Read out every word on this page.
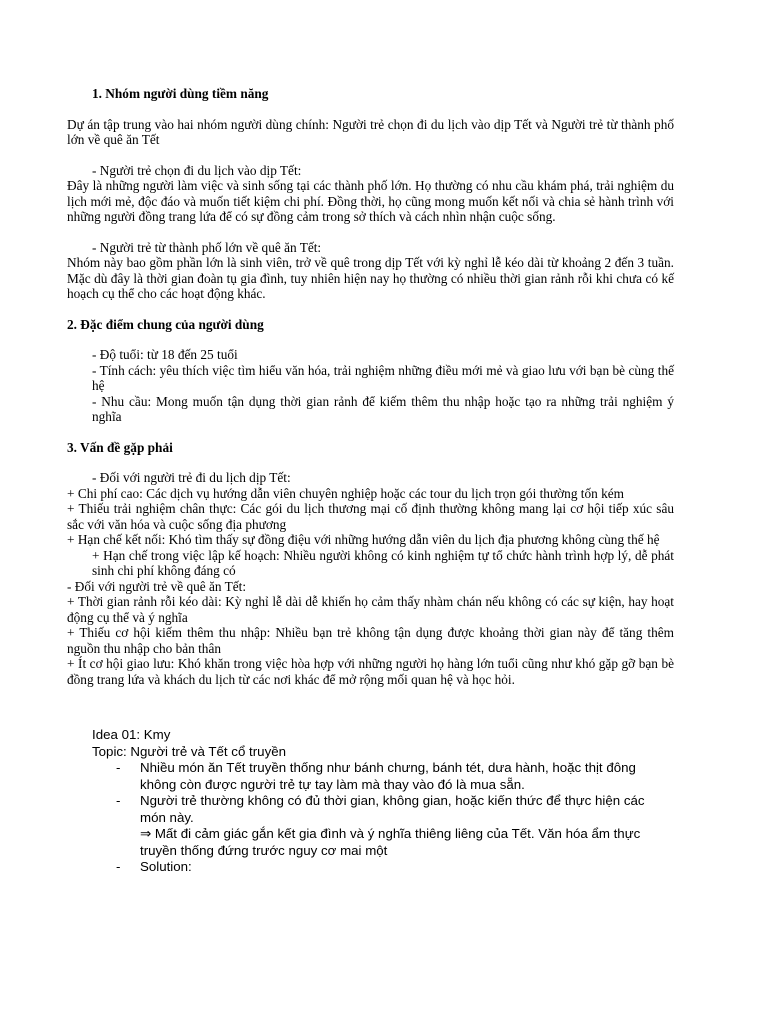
1. Nhóm người dùng tiềm năng

Dự án tập trung vào hai nhóm người dùng chính: Người trẻ chọn đi du lịch vào dịp Tết và Người trẻ từ thành phố lớn về quê ăn Tết

- Người trẻ chọn đi du lịch vào dịp Tết:

Đây là những người làm việc và sinh sống tại các thành phố lớn. Họ thường có nhu cầu khám phá, trải nghiệm du lịch mới mẻ, độc đáo và muốn tiết kiệm chi phí. Đồng thời, họ cũng mong muốn kết nối và chia sẻ hành trình với những người đồng trang lứa để có sự đồng cảm trong sở thích và cách nhìn nhận cuộc sống.

- Người trẻ từ thành phố lớn về quê ăn Tết:

Nhóm này bao gồm phần lớn là sinh viên, trở về quê trong dịp Tết với kỳ nghỉ lễ kéo dài từ khoảng 2 đến 3 tuần. Mặc dù đây là thời gian đoàn tụ gia đình, tuy nhiên hiện nay họ thường có nhiều thời gian rảnh rỗi khi chưa có kế hoạch cụ thể cho các hoạt động khác.

2. Đặc điểm chung của người dùng

- Độ tuổi: từ 18 đến 25 tuổi

- Tính cách: yêu thích việc tìm hiểu văn hóa, trải nghiệm những điều mới mẻ và giao lưu với bạn bè cùng thế hệ

- Nhu cầu: Mong muốn tận dụng thời gian rảnh để kiếm thêm thu nhập hoặc tạo ra những trải nghiệm ý nghĩa

3. Vấn đề gặp phải

- Đối với người trẻ đi du lịch dịp Tết:

+ Chi phí cao: Các dịch vụ hướng dẫn viên chuyên nghiệp hoặc các tour du lịch trọn gói thường tốn kém

+ Thiếu trải nghiệm chân thực: Các gói du lịch thương mại cố định thường không mang lại cơ hội tiếp xúc sâu sắc với văn hóa và cuộc sống địa phương

+ Hạn chế kết nối: Khó tìm thấy sự đồng điệu với những hướng dẫn viên du lịch địa phương không cùng thế hệ

+ Hạn chế trong việc lập kế hoạch: Nhiều người không có kinh nghiệm tự tổ chức hành trình hợp lý, dễ phát sinh chi phí không đáng có

- Đối với người trẻ về quê ăn Tết:

+ Thời gian rảnh rỗi kéo dài: Kỳ nghỉ lễ dài dễ khiến họ cảm thấy nhàm chán nếu không có các sự kiện, hay hoạt động cụ thể và ý nghĩa

+ Thiếu cơ hội kiếm thêm thu nhập: Nhiều bạn trẻ không tận dụng được khoảng thời gian này để tăng thêm nguồn thu nhập cho bản thân

+ Ít cơ hội giao lưu: Khó khăn trong việc hòa hợp với những người họ hàng lớn tuổi cũng như khó gặp gỡ bạn bè đồng trang lứa và khách du lịch từ các nơi khác để mở rộng mối quan hệ và học hỏi.

Idea 01: Kmy

Topic: Người trẻ và Tết cổ truyền

- Nhiều món ăn Tết truyền thống như bánh chưng, bánh tét, dưa hành, hoặc thịt đông không còn được người trẻ tự tay làm mà thay vào đó là mua sẵn.
- Người trẻ thường không có đủ thời gian, không gian, hoặc kiến thức để thực hiện các món này.
⇒ Mất đi cảm giác gắn kết gia đình và ý nghĩa thiêng liêng của Tết. Văn hóa ẩm thực truyền thống đứng trước nguy cơ mai một
- Solution:
